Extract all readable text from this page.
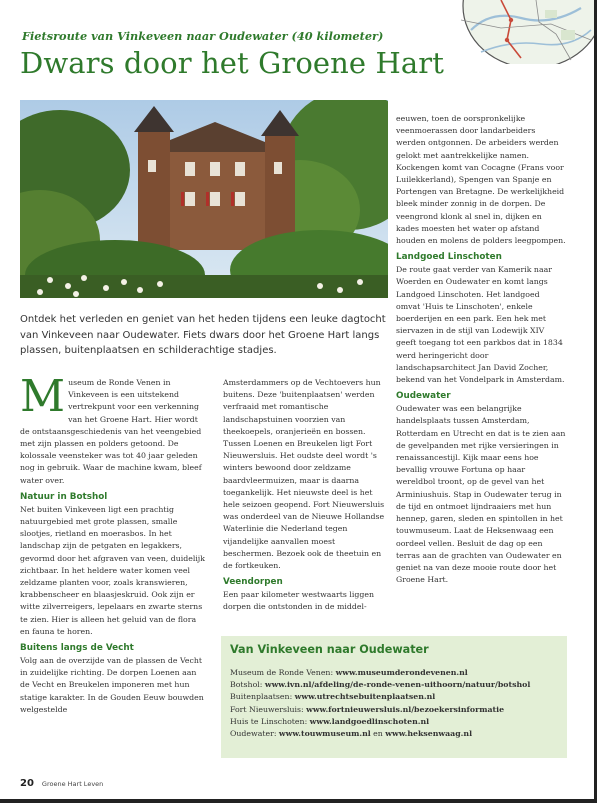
Fietsroute van Vinkeveen naar Oudewater (40 kilometer)
Dwars door het Groene Hart

Ontdek het verleden en geniet van het heden tijdens een leuke dagtocht van Vinkeveen naar Oudewater. Fiets dwars door het Groene Hart langs plassen, buitenplaatsen en schilderachtige stadjes.

Museum de Ronde Venen in Vinkeveen is een uitstekend vertrekpunt voor een verkenning van het Groene Hart. Hier wordt de ontstaansgeschiedenis van het veengebied met zijn plassen en polders getoond. De kolossale veensteker was tot 40 jaar geleden nog in gebruik. Waar de machine kwam, bleef water over.

Natuur in Botshol

Net buiten Vinkeveen ligt een prachtig natuurgebied met grote plassen, smalle slootjes, rietland en moerasbos. In het landschap zijn de petgaten en legakkers, gevormd door het afgraven van veen, duidelijk zichtbaar. In het heldere water komen veel zeldzame planten voor, zoals kranswieren, krabbenscheer en blaasjeskruid. Ook zijn er witte zilverreigers, lepelaars en zwarte sterns te zien. Hier is alleen het geluid van de flora en fauna te horen.

Buitens langs de Vecht

Volg aan de overzijde van de plassen de Vecht in zuidelijke richting. De dorpen Loenen aan de Vecht en Breukelen imponeren met hun statige karakter. In de Gouden Eeuw bouwden welgestelde

Amsterdammers op de Vechtoevers hun buitens. Deze 'buitenplaatsen' werden verfraaid met romantische landschapstuinen voorzien van theekoepels, oranjerieën en bossen. Tussen Loenen en Breukelen ligt Fort Nieuwersluis. Het oudste deel wordt 's winters bewoond door zeldzame baardvleermuizen, maar is daarna toegankelijk. Het nieuwste deel is het hele seizoen geopend. Fort Nieuwersluis was onderdeel van de Nieuwe Hollandse Waterlinie die Nederland tegen vijandelijke aanvallen moest beschermen. Bezoek ook de theetuin en de fortkeuken.

Veendorpen

Een paar kilometer westwaarts liggen dorpen die ontstonden in de middel-

eeuwen, toen de oorspronkelijke veenmoerassen door landarbeiders werden ontgonnen. De arbeiders werden gelokt met aantrekkelijke namen. Kockengen komt van Cocagne (Frans voor Luilekkerland), Spengen van Spanje en Portengen van Bretagne. De werkelijkheid bleek minder zonnig in de dorpen. De veengrond klonk al snel in, dijken en kades moesten het water op afstand houden en molens de polders leegpompen.

Landgoed Linschoten

De route gaat verder van Kamerik naar Woerden en Oudewater en komt langs Landgoed Linschoten. Het landgoed omvat 'Huis te Linschoten', enkele boerderijen en een park. Een hek met siervazen in de stijl van Lodewijk XIV geeft toegang tot een parkbos dat in 1834 werd heringericht door landschapsarchitect Jan David Zocher, bekend van het Vondelpark in Amsterdam.

Oudewater

Oudewater was een belangrijke handelsplaats tussen Amsterdam, Rotterdam en Utrecht en dat is te zien aan de gevelpanden met rijke versieringen in renaissancestijl. Kijk maar eens hoe bevallig vrouwe Fortuna op haar wereldbol troont, op de gevel van het Arminiushuis. Stap in Oudewater terug in de tijd en ontmoet lijndraaiers met hun hennep, garen, sleden en spintollen in het touwmuseum. Laat de Heksenwaag een oordeel vellen. Besluit de dag op een terras aan de grachten van Oudewater en geniet na van deze mooie route door het Groene Hart.

Van Vinkeveen naar Oudewater
Museum de Ronde Venen: www.museumderondevenen.nl
Botshol: www.ivn.nl/afdeling/de-ronde-venen-uithoorn/natuur/botshol
Buitenplaatsen: www.utrechtsebuitenplaatsen.nl
Fort Nieuwersluis: www.fortnieuwersluis.nl/bezoekersinformatie
Huis te Linschoten: www.landgoedlinschoten.nl
Oudewater: www.touwmuseum.nl en www.heksenwaag.nl
20 Groene Hart Leven
